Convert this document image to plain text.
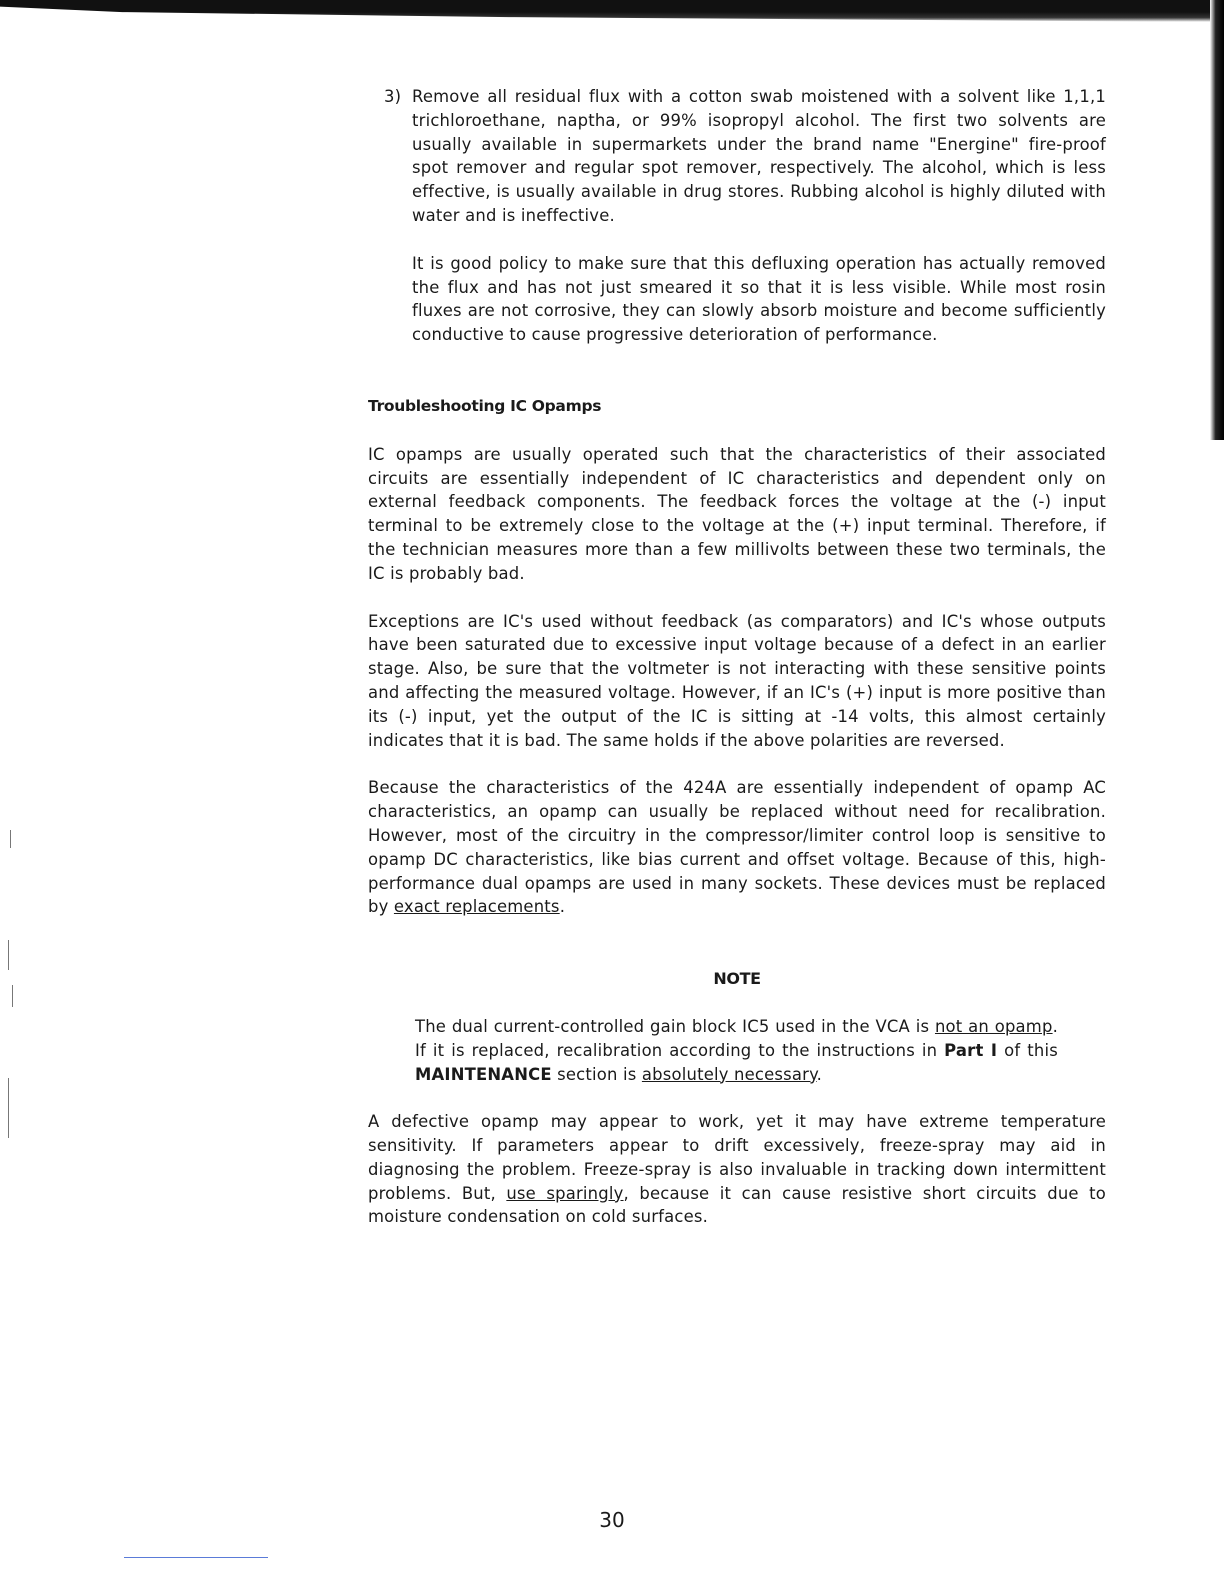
3) Remove all residual flux with a cotton swab moistened with a solvent like 1,1,1 trichloroethane, naptha, or 99% isopropyl alcohol. The first two solvents are usually available in supermarkets under the brand name "Energine" fire-proof spot remover and regular spot remover, respectively. The alcohol, which is less effective, is usually available in drug stores. Rubbing alcohol is highly diluted with water and is ineffective.

It is good policy to make sure that this defluxing operation has actually removed the flux and has not just smeared it so that it is less visible. While most rosin fluxes are not corrosive, they can slowly absorb moisture and become sufficiently conductive to cause progressive deterioration of performance.

Troubleshooting IC Opamps

IC opamps are usually operated such that the characteristics of their associated circuits are essentially independent of IC characteristics and dependent only on external feedback components. The feedback forces the voltage at the (-) input terminal to be extremely close to the voltage at the (+) input terminal. Therefore, if the technician measures more than a few millivolts between these two terminals, the IC is probably bad.

Exceptions are IC's used without feedback (as comparators) and IC's whose outputs have been saturated due to excessive input voltage because of a defect in an earlier stage. Also, be sure that the voltmeter is not interacting with these sensitive points and affecting the measured voltage. However, if an IC's (+) input is more positive than its (-) input, yet the output of the IC is sitting at -14 volts, this almost certainly indicates that it is bad. The same holds if the above polarities are reversed.

Because the characteristics of the 424A are essentially independent of opamp AC characteristics, an opamp can usually be replaced without need for recalibration. However, most of the circuitry in the compressor/limiter control loop is sensitive to opamp DC characteristics, like bias current and offset voltage. Because of this, high-performance dual opamps are used in many sockets. These devices must be replaced by exact replacements.

NOTE

The dual current-controlled gain block IC5 used in the VCA is not an opamp. If it is replaced, recalibration according to the instructions in Part I of this MAINTENANCE section is absolutely necessary.

A defective opamp may appear to work, yet it may have extreme temperature sensitivity. If parameters appear to drift excessively, freeze-spray may aid in diagnosing the problem. Freeze-spray is also invaluable in tracking down intermittent problems. But, use sparingly, because it can cause resistive short circuits due to moisture condensation on cold surfaces.

30
